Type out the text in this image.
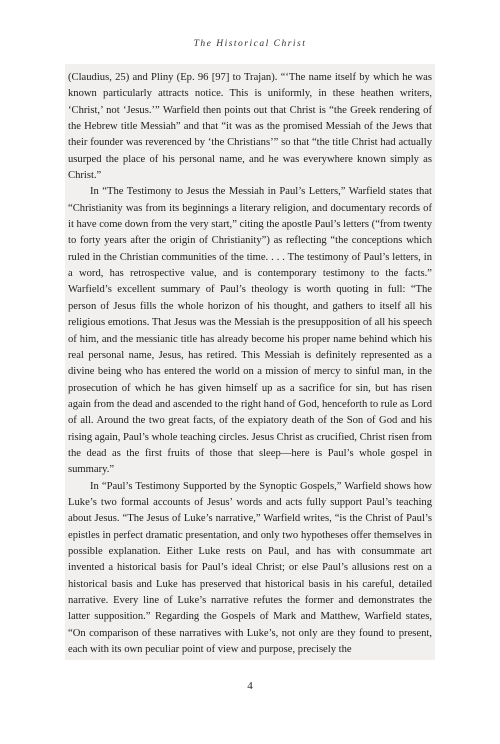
The Historical Christ

(Claudius, 25) and Pliny (Ep. 96 [97] to Trajan). “‘The name itself by which he was known particularly attracts notice. This is uniformly, in these heathen writers, ‘Christ,’ not ‘Jesus.’” Warfield then points out that Christ is “the Greek rendering of the Hebrew title Messiah” and that “it was as the promised Messiah of the Jews that their founder was reverenced by ‘the Christians’” so that “the title Christ had actually usurped the place of his personal name, and he was everywhere known simply as Christ.”

In “The Testimony to Jesus the Messiah in Paul’s Letters,” Warfield states that “Christianity was from its beginnings a literary religion, and documentary records of it have come down from the very start,” citing the apostle Paul’s letters (“from twenty to forty years after the origin of Christianity”) as reflecting “the conceptions which ruled in the Christian communities of the time. . . . The testimony of Paul’s letters, in a word, has retrospective value, and is contemporary testimony to the facts.” Warfield’s excellent summary of Paul’s theology is worth quoting in full: “The person of Jesus fills the whole horizon of his thought, and gathers to itself all his religious emotions. That Jesus was the Messiah is the presupposition of all his speech of him, and the messianic title has already become his proper name behind which his real personal name, Jesus, has retired. This Messiah is definitely represented as a divine being who has entered the world on a mission of mercy to sinful man, in the prosecution of which he has given himself up as a sacrifice for sin, but has risen again from the dead and ascended to the right hand of God, henceforth to rule as Lord of all. Around the two great facts, of the expiatory death of the Son of God and his rising again, Paul’s whole teaching circles. Jesus Christ as crucified, Christ risen from the dead as the first fruits of those that sleep—here is Paul’s whole gospel in summary.”

In “Paul’s Testimony Supported by the Synoptic Gospels,” Warfield shows how Luke’s two formal accounts of Jesus’ words and acts fully support Paul’s teaching about Jesus. “The Jesus of Luke’s narrative,” Warfield writes, “is the Christ of Paul’s epistles in perfect dramatic presentation, and only two hypotheses offer themselves in possible explanation. Either Luke rests on Paul, and has with consummate art invented a historical basis for Paul’s ideal Christ; or else Paul’s allusions rest on a historical basis and Luke has preserved that historical basis in his careful, detailed narrative. Every line of Luke’s narrative refutes the former and demonstrates the latter supposition.” Regarding the Gospels of Mark and Matthew, Warfield states, “On comparison of these narratives with Luke’s, not only are they found to present, each with its own peculiar point of view and purpose, precisely the

4
